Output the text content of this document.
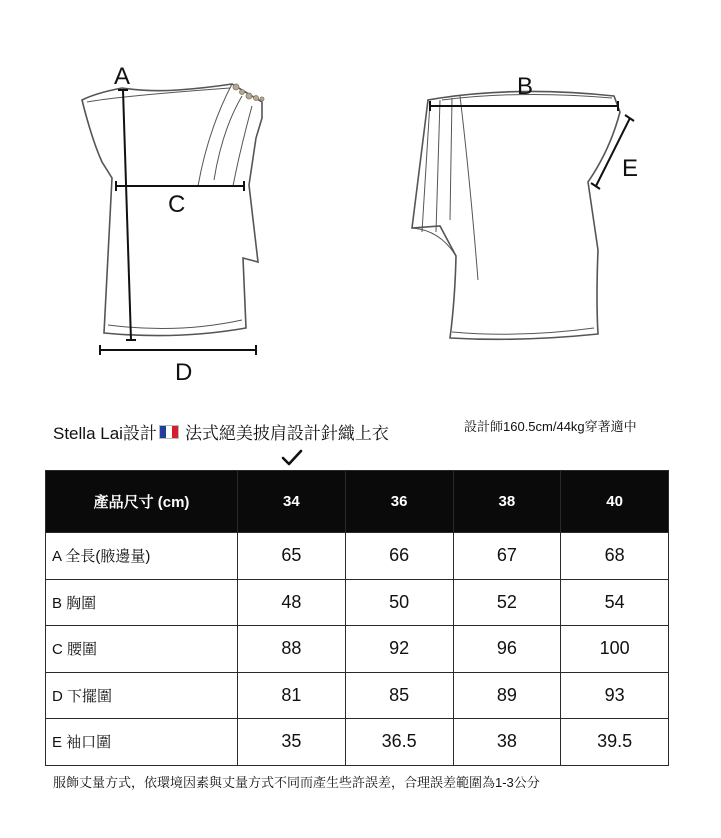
A
C
D
B
E
Stella Lai設計 法式絕美披肩設計針織上衣	設計師160.5cm/44kg穿著適中
產品尺寸 (cm)	34	36	38	40
A 全長(腋邊量)	65	66	67	68
B 胸圍	48	50	52	54
C 腰圍	88	92	96	100
D 下擺圍	81	85	89	93
E 袖口圍	35	36.5	38	39.5
服飾丈量方式，依環境因素與丈量方式不同而產生些許誤差，合理誤差範圍為1-3公分
